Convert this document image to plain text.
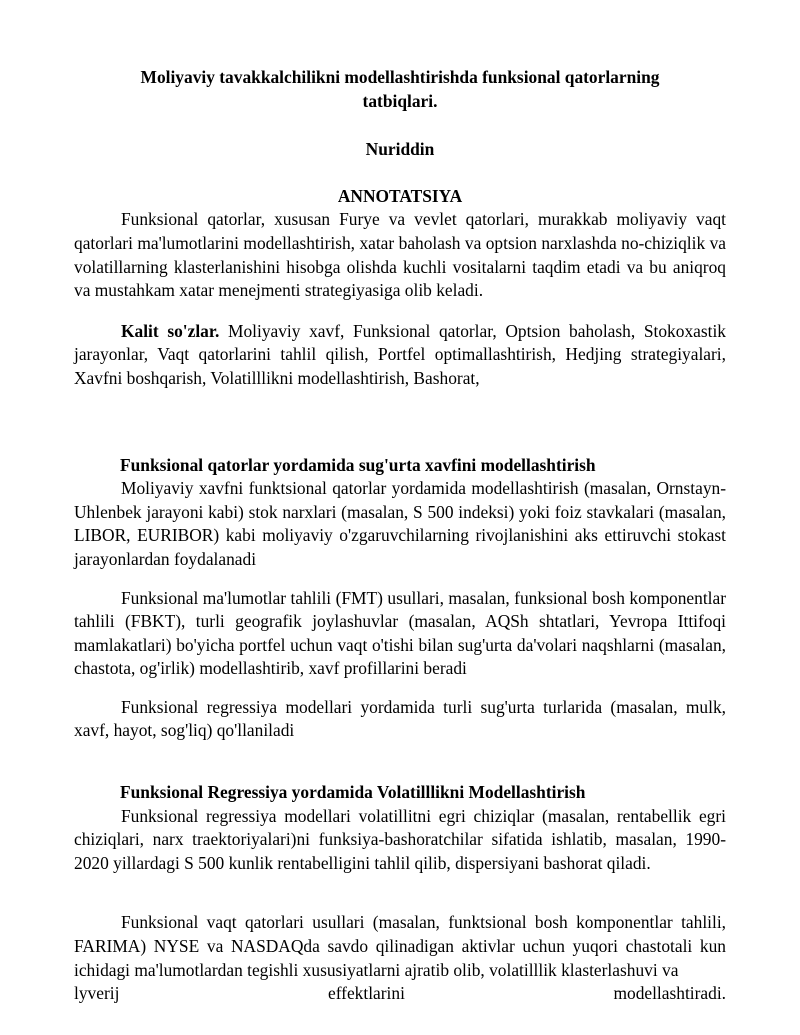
Moliyaviy tavakkalchilikni modellashtirishda funksional qatorlarning tatbiqlari.

Nuriddin

ANNOTATSIYA

Funksional qatorlar, xususan Furye va vevlet qatorlari, murakkab moliyaviy vaqt qatorlari ma'lumotlarini modellashtirish, xatar baholash va optsion narxlashda no-chiziqlik va volatillarning klasterlanishini hisobga olishda kuchli vositalarni taqdim etadi va bu aniqroq va mustahkam xatar menejmenti strategiyasiga olib keladi.

Kalit so'zlar. Moliyaviy xavf, Funksional qatorlar, Optsion baholash, Stokoxastik jarayonlar, Vaqt qatorlarini tahlil qilish, Portfel optimallashtirish, Hedjing strategiyalari, Xavfni boshqarish, Volatilllikni modellashtirish, Bashorat,

Funksional qatorlar yordamida sug'urta xavfini modellashtirish

Moliyaviy xavfni funktsional qatorlar yordamida modellashtirish (masalan, Ornstayn-Uhlenbek jarayoni kabi) stok narxlari (masalan, S 500 indeksi) yoki foiz stavkalari (masalan, LIBOR, EURIBOR) kabi moliyaviy o'zgaruvchilarning rivojlanishini aks ettiruvchi stokast jarayonlardan foydalanadi

Funksional ma'lumotlar tahlili (FMT) usullari, masalan, funksional bosh komponentlar tahlili (FBKT), turli geografik joylashuvlar (masalan, AQSh shtatlari, Yevropa Ittifoqi mamlakatlari) bo'yicha portfel uchun vaqt o'tishi bilan sug'urta da'volari naqshlarni (masalan, chastota, og'irlik) modellashtirib, xavf profillarini beradi

Funksional regressiya modellari yordamida turli sug'urta turlarida (masalan, mulk, xavf, hayot, sog'liq) qo'llaniladi

Funksional Regressiya yordamida Volatilllikni Modellashtirish

Funksional regressiya modellari volatillitni egri chiziqlar (masalan, rentabellik egri chiziqlari, narx traektoriyalari)ni funksiya-bashoratchilar sifatida ishlatib, masalan, 1990-2020 yillardagi S 500 kunlik rentabelligini tahlil qilib, dispersiyani bashorat qiladi.

Funksional vaqt qatorlari usullari (masalan, funktsional bosh komponentlar tahlili, FARIMA) NYSE va NASDAQda savdo qilinadigan aktivlar uchun yuqori chastotali kun ichidagi ma'lumotlardan tegishli xususiyatlarni ajratib olib, volatilllik klasterlashuvi va

lyverij	effektlarini	modellashtiradi.
